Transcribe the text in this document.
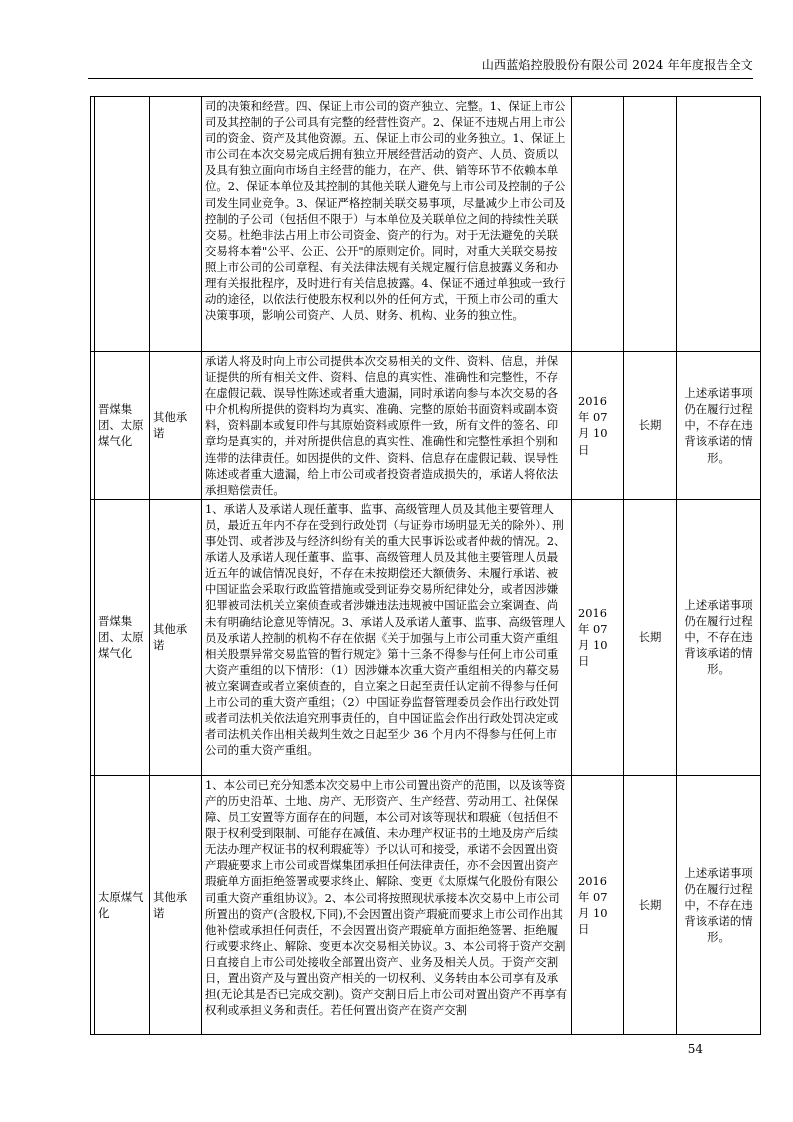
山西蓝焰控股股份有限公司 2024 年年度报告全文
			司的决策和经营。四、保证上市公司的资产独立、完整。1、保证上市公司及其控制的子公司具有完整的经营性资产。2、保证不违规占用上市公司的资金、资产及其他资源。五、保证上市公司的业务独立。1、保证上市公司在本次交易完成后拥有独立开展经营活动的资产、人员、资质以及具有独立面向市场自主经营的能力，在产、供、销等环节不依赖本单位。2、保证本单位及其控制的其他关联人避免与上市公司及控制的子公司发生同业竞争。3、保证严格控制关联交易事项，尽量减少上市公司及控制的子公司（包括但不限于）与本单位及关联单位之间的持续性关联交易。杜绝非法占用上市公司资金、资产的行为。对于无法避免的关联交易将本着"公平、公正、公开"的原则定价。同时，对重大关联交易按照上市公司的公司章程、有关法律法规有关规定履行信息披露义务和办理有关报批程序，及时进行有关信息披露。4、保证不通过单独或一致行动的途径，以依法行使股东权利以外的任何方式，干预上市公司的重大决策事项，影响公司资产、人员、财务、机构、业务的独立性。			
	晋煤集团、太原煤气化	其他承诺	承诺人将及时向上市公司提供本次交易相关的文件、资料、信息，并保证提供的所有相关文件、资料、信息的真实性、准确性和完整性，不存在虚假记载、误导性陈述或者重大遗漏，同时承诺向参与本次交易的各中介机构所提供的资料均为真实、准确、完整的原始书面资料或副本资料，资料副本或复印件与其原始资料或原件一致，所有文件的签名、印章均是真实的，并对所提供信息的真实性、准确性和完整性承担个别和连带的法律责任。如因提供的文件、资料、信息存在虚假记载、误导性陈述或者重大遗漏，给上市公司或者投资者造成损失的，承诺人将依法承担赔偿责任。	2016 年 07 月 10 日	长期	上述承诺事项仍在履行过程中，不存在违背该承诺的情形。
	晋煤集团、太原煤气化	其他承诺	1、承诺人及承诺人现任董事、监事、高级管理人员及其他主要管理人员，最近五年内不存在受到行政处罚（与证券市场明显无关的除外）、刑事处罚、或者涉及与经济纠纷有关的重大民事诉讼或者仲裁的情况。2、承诺人及承诺人现任董事、监事、高级管理人员及其他主要管理人员最近五年的诚信情况良好，不存在未按期偿还大额债务、未履行承诺、被中国证监会采取行政监管措施或受到证券交易所纪律处分，或者因涉嫌犯罪被司法机关立案侦查或者涉嫌违法违规被中国证监会立案调查、尚未有明确结论意见等情况。3、承诺人及承诺人董事、监事、高级管理人员及承诺人控制的机构不存在依据《关于加强与上市公司重大资产重组相关股票异常交易监管的暂行规定》第十三条不得参与任何上市公司重大资产重组的以下情形：（1）因涉嫌本次重大资产重组相关的内幕交易被立案调查或者立案侦查的，自立案之日起至责任认定前不得参与任何上市公司的重大资产重组；（2）中国证券监督管理委员会作出行政处罚或者司法机关依法追究刑事责任的，自中国证监会作出行政处罚决定或者司法机关作出相关裁判生效之日起至少 36 个月内不得参与任何上市公司的重大资产重组。	2016 年 07 月 10 日	长期	上述承诺事项仍在履行过程中，不存在违背该承诺的情形。
	太原煤气化	其他承诺	1、本公司已充分知悉本次交易中上市公司置出资产的范围，以及该等资产的历史沿革、土地、房产、无形资产、生产经营、劳动用工、社保保障、员工安置等方面存在的问题，本公司对该等现状和瑕疵（包括但不限于权利受到限制、可能存在减值、未办理产权证书的土地及房产后续无法办理产权证书的权利瑕疵等）予以认可和接受，承诺不会因置出资产瑕疵要求上市公司或晋煤集团承担任何法律责任，亦不会因置出资产瑕疵单方面拒绝签署或要求终止、解除、变更《太原煤气化股份有限公司重大资产重组协议》。2、本公司将按照现状承接本次交易中上市公司所置出的资产(含股权,下同),不会因置出资产瑕疵而要求上市公司作出其他补偿或承担任何责任，不会因置出资产瑕疵单方面拒绝签署、拒绝履行或要求终止、解除、变更本次交易相关协议。3、本公司将于资产交割日直接自上市公司处接收全部置出资产、业务及相关人员。于资产交割日，置出资产及与置出资产相关的一切权利、义务转由本公司享有及承担(无论其是否已完成交割)。资产交割日后上市公司对置出资产不再享有权利或承担义务和责任。若任何置出资产在资产交割	2016 年 07 月 10 日	长期	上述承诺事项仍在履行过程中，不存在违背该承诺的情形。
54
